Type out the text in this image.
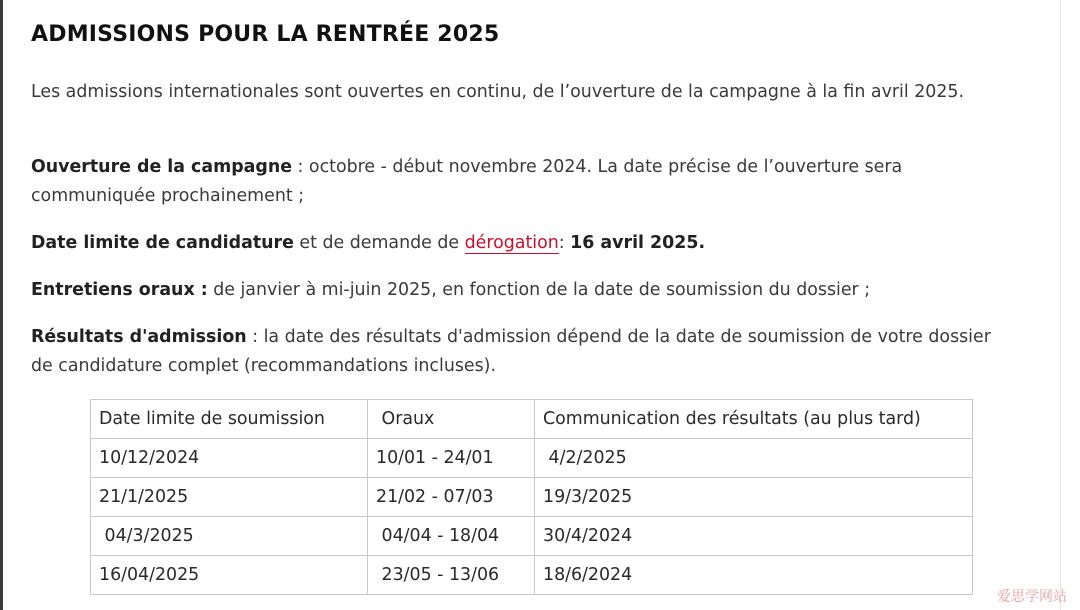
ADMISSIONS POUR LA RENTRÉE 2025

Les admissions internationales sont ouvertes en continu, de l’ouverture de la campagne à la fin avril 2025.

Ouverture de la campagne : octobre - début novembre 2024. La date précise de l’ouverture sera communiquée prochainement ;

Date limite de candidature et de demande de dérogation: 16 avril 2025.

Entretiens oraux : de janvier à mi-juin 2025, en fonction de la date de soumission du dossier ;

Résultats d'admission : la date des résultats d'admission dépend de la date de soumission de votre dossier de candidature complet (recommandations incluses).

Date limite de soumission	Oraux	Communication des résultats (au plus tard)
10/12/2024	10/01 - 24/01	4/2/2025
21/1/2025	21/02 - 07/03	19/3/2025
04/3/2025	04/04 - 18/04	30/4/2024
16/04/2025	23/05 - 13/06	18/6/2024
爱思学网站
